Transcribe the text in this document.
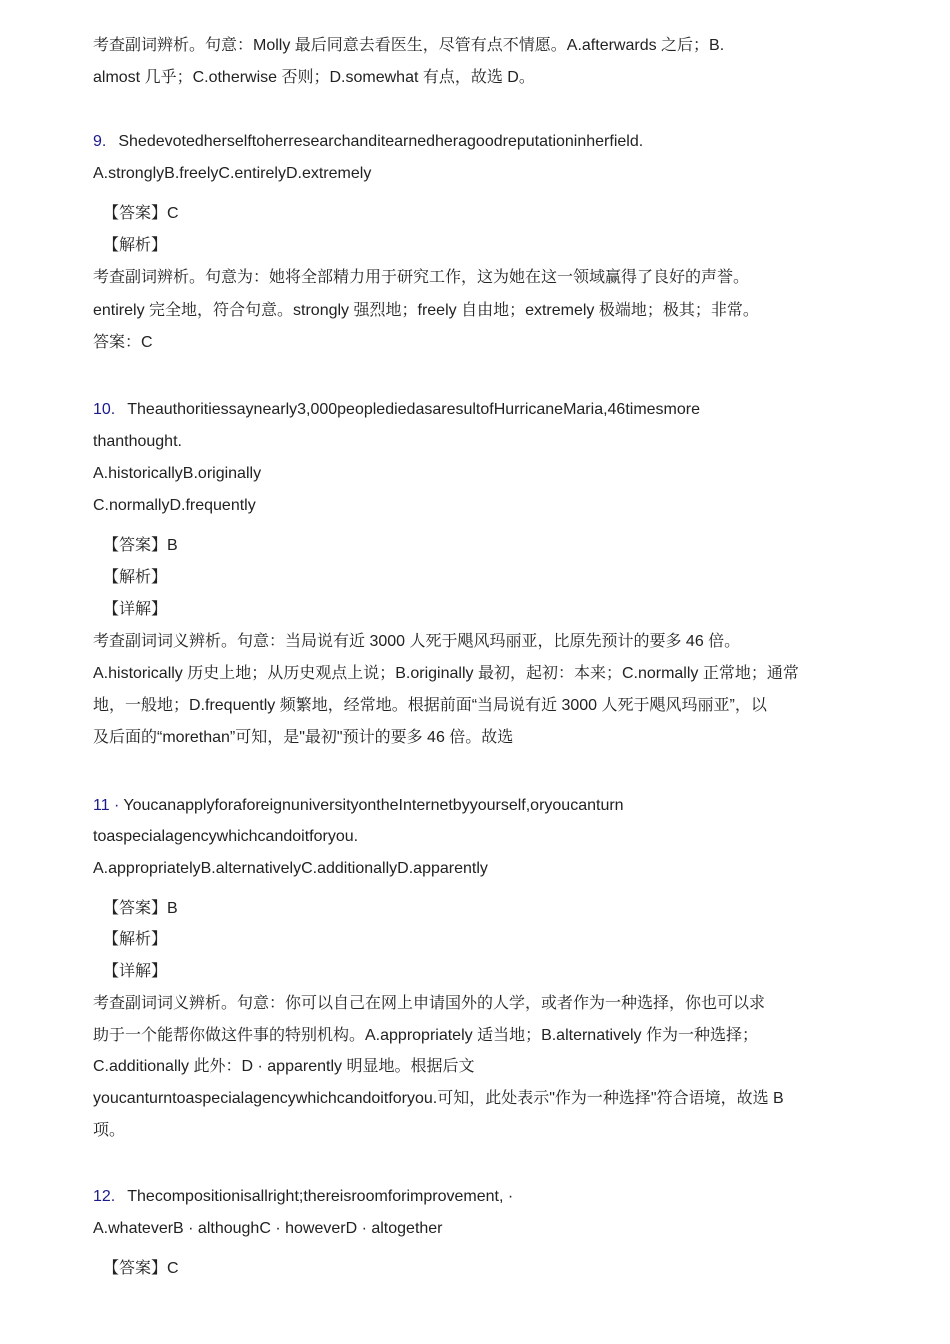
考查副词辨析。句意：Molly 最后同意去看医生，尽管有点不情愿。A.afterwards 之后；B.
almost 几乎；C.otherwise 否则；D.somewhat 有点，故选 D。
9. Shedevotedherselftoherresearchanditearnedheragoodreputationinherfield.
A.stronglyB.freelyC.entirelyD.extremely
【答案】C
【解析】
考查副词辨析。句意为：她将全部精力用于研究工作，这为她在这一领域赢得了良好的声誉。
entirely 完全地，符合句意。strongly 强烈地；freely 自由地；extremely 极端地；极其；非常。
答案：C
10. Theauthoritiessaynearly3,000peopledied​asaresultofHurricaneMaria,46timesmore
thanthought.
A.historicallyB.originally
C.normallyD.frequently
【答案】B
【解析】
【详解】
考查副词词义辨析。句意：当局说有近 3000 人死于飓风玛丽亚，比原先预计的要多 46 倍。
A.historically 历史上地；从历史观点上说；B.originally 最初，起初：本来；C.normally 正常地；通常
地，一般地；D.frequently 频繁地，经常地。根据前面“当局说有近 3000 人死于飓风玛丽亚”，以
及后面的“morethan”可知，是"最初"预计的要多 46 倍。故选
11 · YoucanapplyforaforeignuniversityontheInternetbyyourself,oryoucanturn
toaspecialagencywhichcandoitforyou.
A.appropriatelyB.alternativelyC.additionallyD.apparently
【答案】B
【解析】
【详解】
考查副词词义辨析。句意：你可以自己在网上申请国外的人学，或者作为一种选择，你也可以求
助于一个能帮你做这件事的特别机构。A.appropriately 适当地；B.alternatively 作为一种选择；
C.additionally 此外：D · apparently 明显地。根据后文
youcanturntoaspecialagencywhichcandoitforyou.可知，此处表示"作为一种选择"符合语境，故选 B
项。
12. Thecompositionisallright;thereisroomforimprovement, ·
A.whateverB · althoughC · howeverD · altogether
【答案】C
